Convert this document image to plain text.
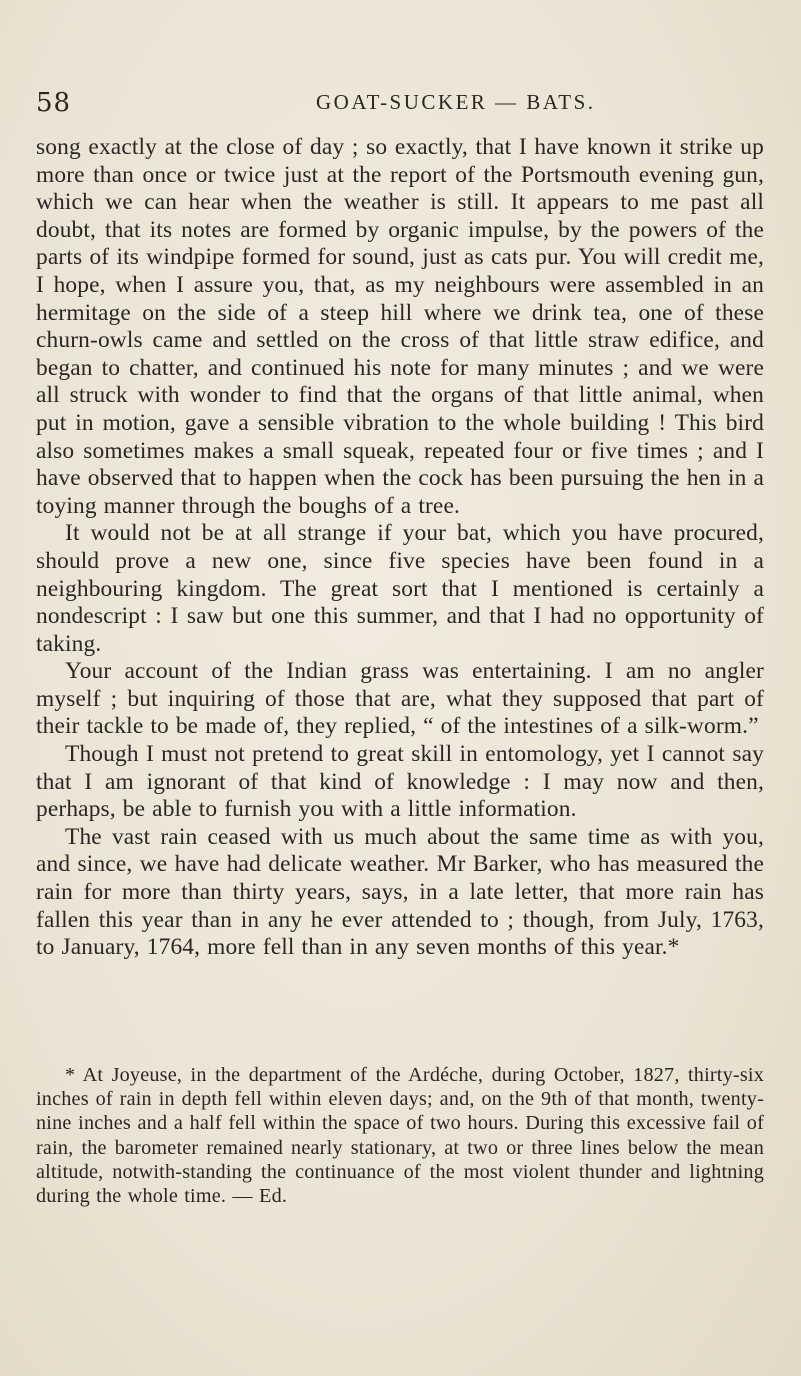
58	GOAT-SUCKER — BATS.

song exactly at the close of day ; so exactly, that I have known it strike up more than once or twice just at the report of the Portsmouth evening gun, which we can hear when the weather is still. It appears to me past all doubt, that its notes are formed by organic impulse, by the powers of the parts of its windpipe formed for sound, just as cats pur. You will credit me, I hope, when I assure you, that, as my neighbours were assembled in an hermitage on the side of a steep hill where we drink tea, one of these churn-owls came and settled on the cross of that little straw edifice, and began to chatter, and continued his note for many minutes ; and we were all struck with wonder to find that the organs of that little animal, when put in motion, gave a sensible vibration to the whole building ! This bird also sometimes makes a small squeak, repeated four or five times ; and I have observed that to happen when the cock has been pursuing the hen in a toying manner through the boughs of a tree.

It would not be at all strange if your bat, which you have procured, should prove a new one, since five species have been found in a neighbouring kingdom. The great sort that I mentioned is certainly a nondescript : I saw but one this summer, and that I had no opportunity of taking.

Your account of the Indian grass was entertaining. I am no angler myself ; but inquiring of those that are, what they supposed that part of their tackle to be made of, they replied, “ of the intestines of a silk-worm.”

Though I must not pretend to great skill in entomology, yet I cannot say that I am ignorant of that kind of knowledge : I may now and then, perhaps, be able to furnish you with a little information.

The vast rain ceased with us much about the same time as with you, and since, we have had delicate weather. Mr Barker, who has measured the rain for more than thirty years, says, in a late letter, that more rain has fallen this year than in any he ever attended to ; though, from July, 1763, to January, 1764, more fell than in any seven months of this year.*

* At Joyeuse, in the department of the Ardéche, during October, 1827, thirty-six inches of rain in depth fell within eleven days; and, on the 9th of that month, twenty-nine inches and a half fell within the space of two hours. During this excessive fail of rain, the barometer remained nearly stationary, at two or three lines below the mean altitude, notwith-standing the continuance of the most violent thunder and lightning during the whole time. — Ed.
